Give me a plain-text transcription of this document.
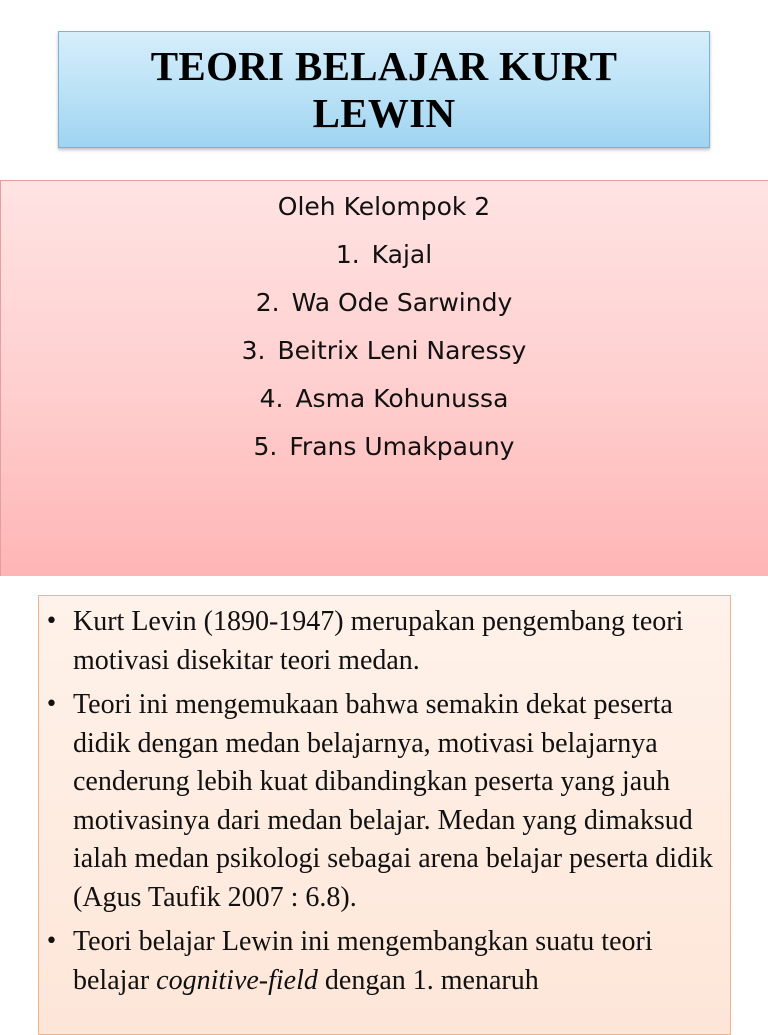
TEORI BELAJAR KURT
LEWIN
Oleh Kelompok 2
1. Kajal
2. Wa Ode Sarwindy
3. Beitrix Leni Naressy
4. Asma Kohunussa
5. Frans Umakpauny
• Kurt Levin (1890-1947) merupakan pengembang teori motivasi disekitar teori medan.
• Teori ini mengemukaan bahwa semakin dekat peserta didik dengan medan belajarnya, motivasi belajarnya cenderung lebih kuat dibandingkan peserta yang jauh motivasinya dari medan belajar. Medan yang dimaksud ialah medan psikologi sebagai arena belajar peserta didik (Agus Taufik 2007 : 6.8).
• Teori belajar Lewin ini mengembangkan suatu teori belajar cognitive-field dengan 1. menaruh
